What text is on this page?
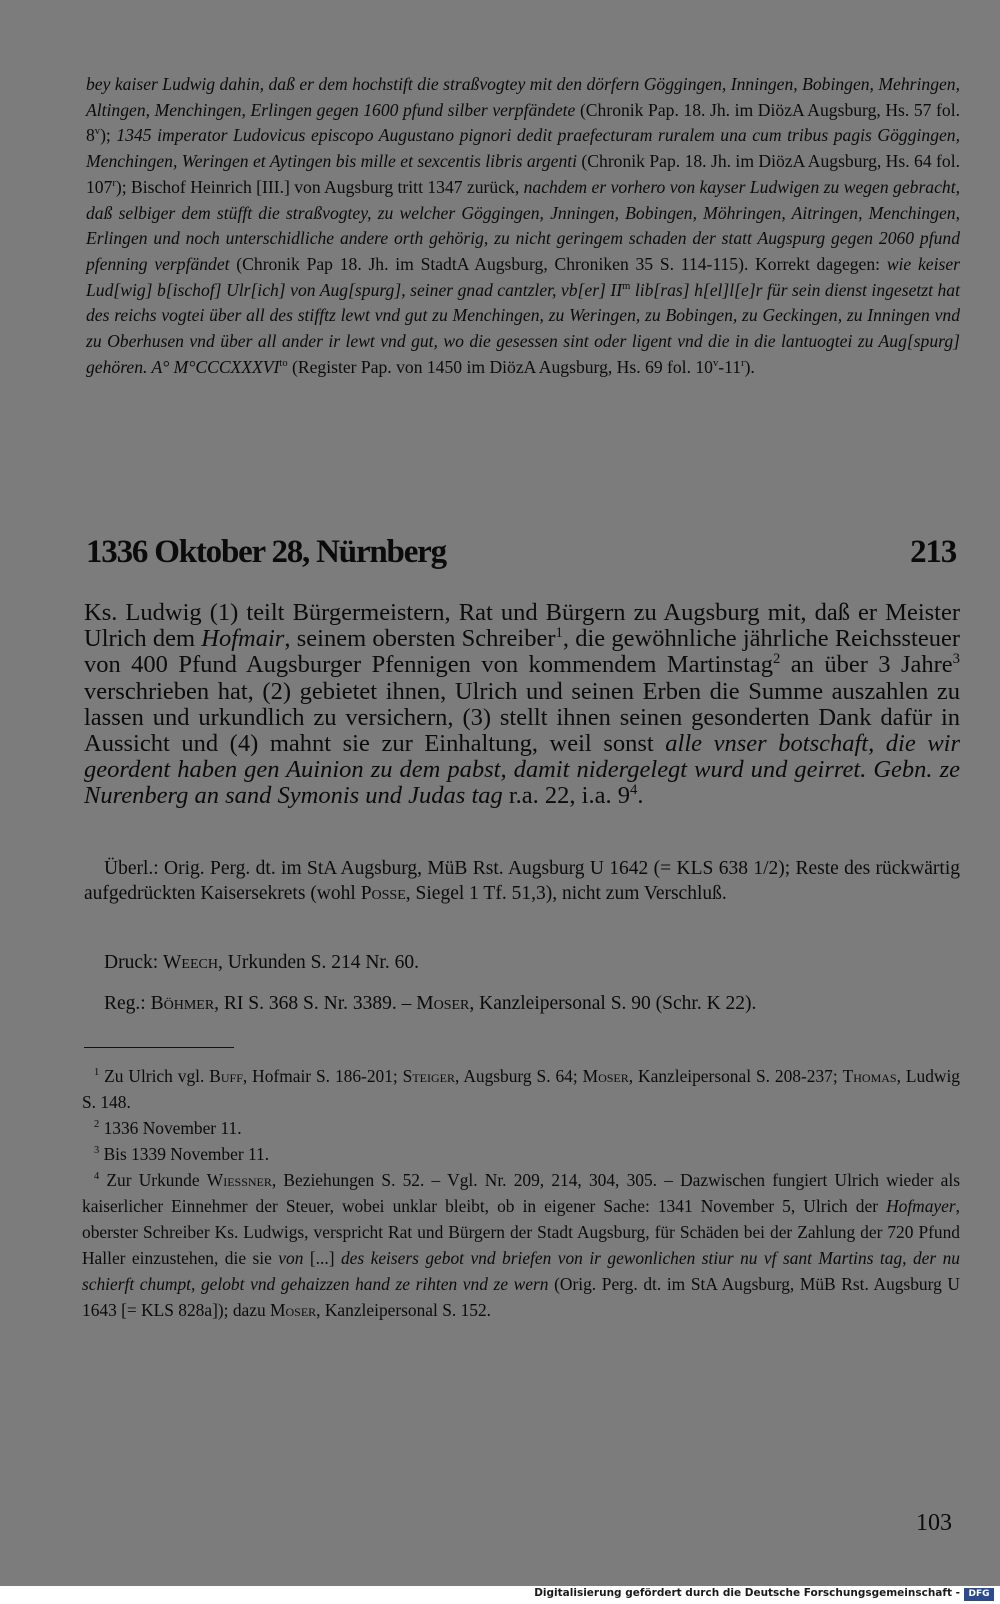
bey kaiser Ludwig dahin, daß er dem hochstift die straßvogtey mit den dörfern Göggingen, Inningen, Bobingen, Mehringen, Altingen, Menchingen, Erlingen gegen 1600 pfund silber verpfändete (Chronik Pap. 18. Jh. im DiözA Augsburg, Hs. 57 fol. 8$^v$); 1345 imperator Ludovicus episcopo Augustano pignori dedit praefecturam ruralem una cum tribus pagis Göggingen, Menchingen, Weringen et Aytingen bis mille et sexcentis libris argenti (Chronik Pap. 18. Jh. im DiözA Augsburg, Hs. 64 fol. 107$^r$); Bischof Heinrich [III.] von Augsburg tritt 1347 zurück, nachdem er vorhero von kayser Ludwigen zu wegen gebracht, daß selbiger dem stüfft die straßvogtey, zu welcher Göggingen, Jnningen, Bobingen, Möhringen, Aitringen, Menchingen, Erlingen und noch unterschidliche andere orth gehörig, zu nicht geringem schaden der statt Augspurg gegen 2060 pfund pfenning verpfändet (Chronik Pap 18. Jh. im StadtA Augsburg, Chroniken 35 S. 114-115). Korrekt dagegen: wie keiser Lud[wig] b[ischof] Ulr[ich] von Aug[spurg], seiner gnad cantzler, vb[er] $II^m$ lib[ras] h[el]l[e]r für sein dienst ingesetzt hat des reichs vogtei über all des stifftz lewt vnd gut zu Menchingen, zu Weringen, zu Bobingen, zu Geckingen, zu Inningen vnd zu Oberhusen vnd über all ander ir lewt vnd gut, wo die gesessen sint oder ligent vnd die in die lantuogtei zu Aug[spurg] gehören. A° $M^\circ CCCXXXVI^{to}$ (Register Pap. von 1450 im DiözA Augsburg, Hs. 69 fol. 10$^v$-11$^r$).
1336 Oktober 28, Nürnberg	213
Ks. Ludwig (1) teilt Bürgermeistern, Rat und Bürgern zu Augsburg mit, daß er Meister Ulrich dem Hofmair, seinem obersten Schreiber$^1$, die gewöhnliche jährliche Reichssteuer von 400 Pfund Augsburger Pfennigen von kommendem Martinstag$^2$ an über 3 Jahre$^3$ verschrieben hat, (2) gebietet ihnen, Ulrich und seinen Erben die Summe auszahlen zu lassen und urkundlich zu versichern, (3) stellt ihnen seinen gesonderten Dank dafür in Aussicht und (4) mahnt sie zur Einhaltung, weil sonst alle vnser botschaft, die wir geordent haben gen Auinion zu dem pabst, damit nidergelegt wurd und geirret. Gebn. ze Nurenberg an sand Symonis und Judas tag r.a. 22, i.a. $9^4$.
Überl.: Orig. Perg. dt. im StA Augsburg, MüB Rst. Augsburg U 1642 (= KLS 638 1/2); Reste des rückwärtig aufgedrückten Kaisersekrets (wohl Posse, Siegel 1 Tf. 51,3), nicht zum Verschluß.
Druck: Weech, Urkunden S. 214 Nr. 60.
Reg.: Böhmer, RI S. 368 S. Nr. 3389. – Moser, Kanzleipersonal S. 90 (Schr. K 22).
$^1$ Zu Ulrich vgl. Buff, Hofmair S. 186-201; Steiger, Augsburg S. 64; Moser, Kanzleipersonal S. 208-237; Thomas, Ludwig S. 148.
$^2$ 1336 November 11.
$^3$ Bis 1339 November 11.
$^4$ Zur Urkunde Wiessner, Beziehungen S. 52. – Vgl. Nr. 209, 214, 304, 305. – Dazwischen fungiert Ulrich wieder als kaiserlicher Einnehmer der Steuer, wobei unklar bleibt, ob in eigener Sache: 1341 November 5, Ulrich der Hofmayer, oberster Schreiber Ks. Ludwigs, verspricht Rat und Bürgern der Stadt Augsburg, für Schäden bei der Zahlung der 720 Pfund Haller einzustehen, die sie von [...] des keisers gebot vnd briefen von ir gewonlichen stiur nu vf sant Martins tag, der nu schierft chumpt, gelobt vnd gehaizzen hand ze rihten vnd ze wern (Orig. Perg. dt. im StA Augsburg, MüB Rst. Augsburg U 1643 [= KLS 828a]); dazu Moser, Kanzleipersonal S. 152.
103
Digitalisierung gefördert durch die Deutsche Forschungsgemeinschaft - DFG
